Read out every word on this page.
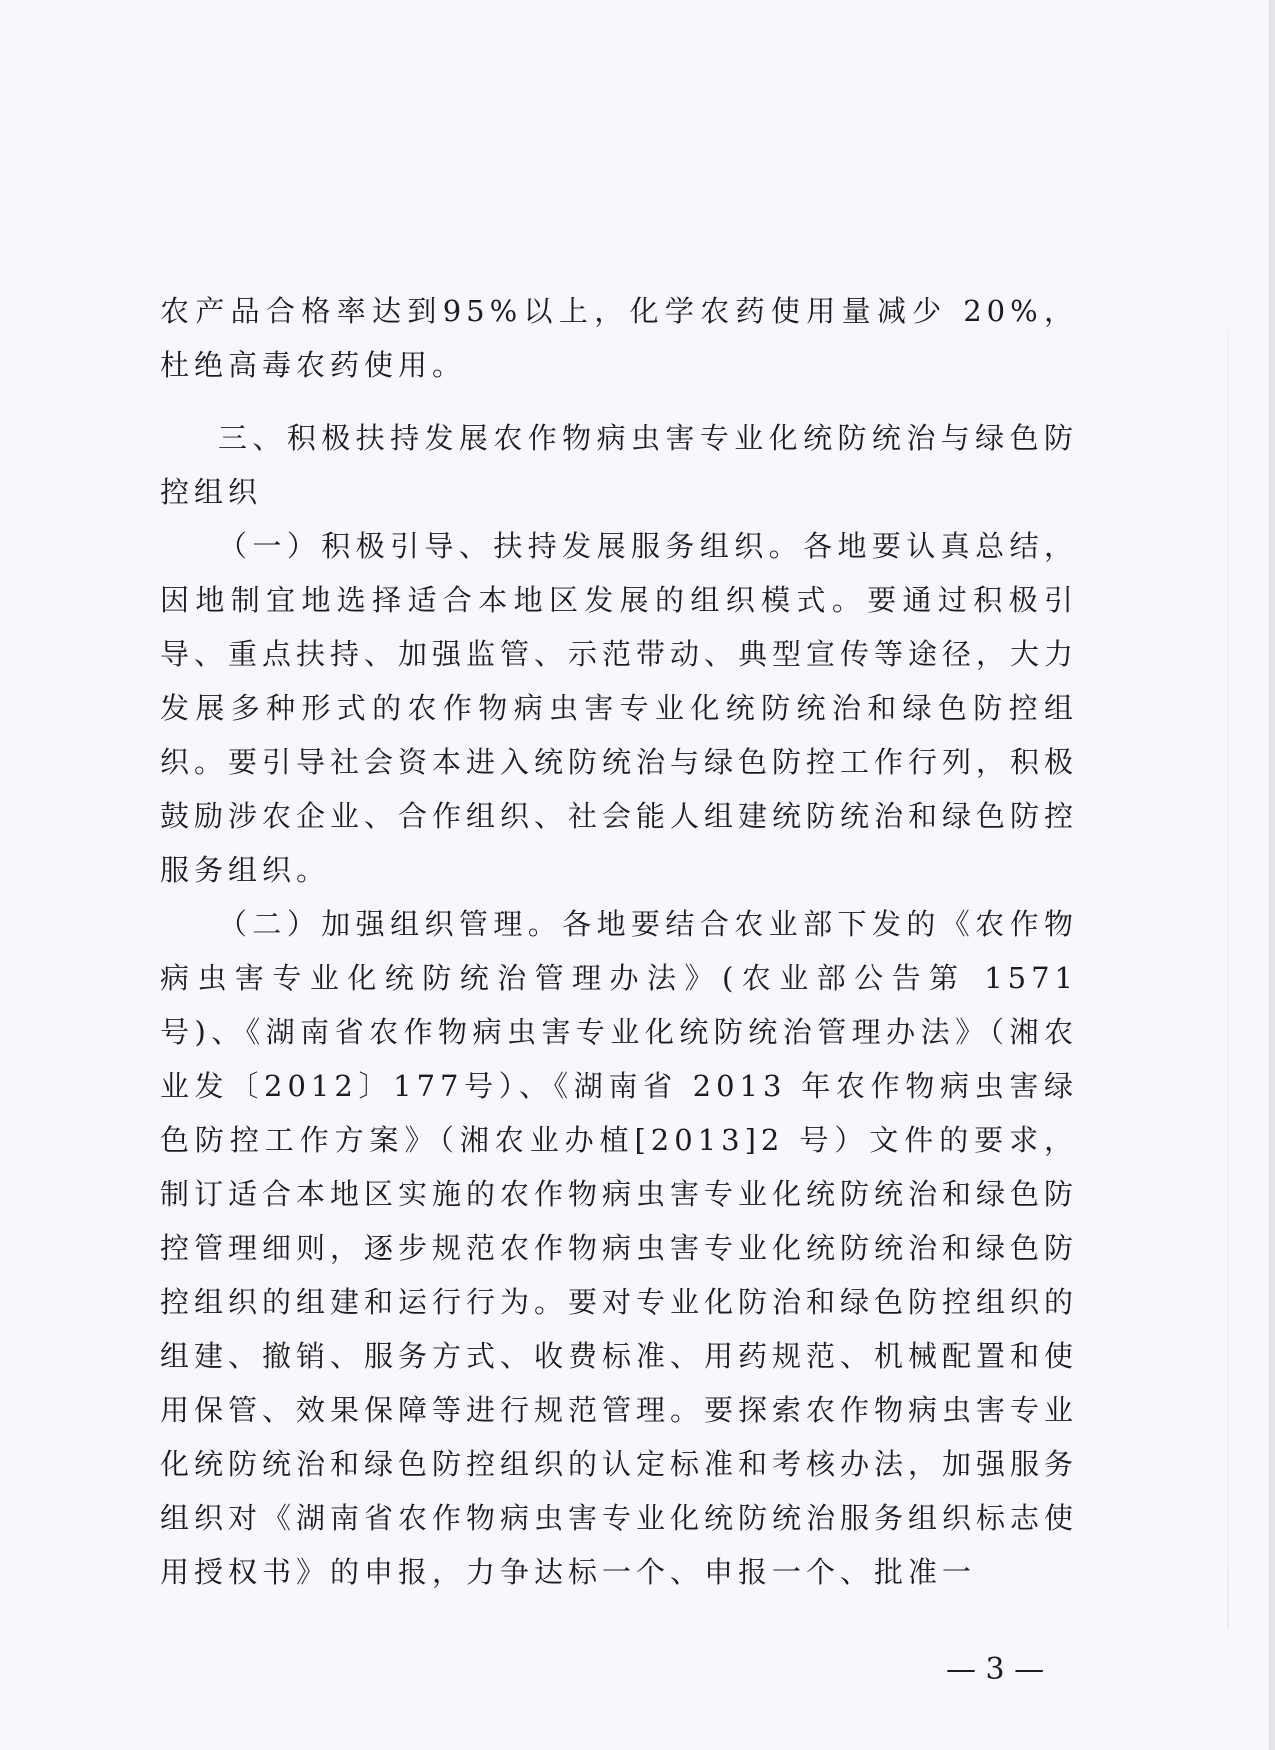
农产品合格率达到95%以上，化学农药使用量减少 20%，杜绝高毒农药使用。

三、积极扶持发展农作物病虫害专业化统防统治与绿色防控组织

（一）积极引导、扶持发展服务组织。各地要认真总结，因地制宜地选择适合本地区发展的组织模式。要通过积极引导、重点扶持、加强监管、示范带动、典型宣传等途径，大力发展多种形式的农作物病虫害专业化统防统治和绿色防控组织。要引导社会资本进入统防统治与绿色防控工作行列，积极鼓励涉农企业、合作组织、社会能人组建统防统治和绿色防控服务组织。

（二）加强组织管理。各地要结合农业部下发的《农作物病虫害专业化统防统治管理办法》(农业部公告第 1571 号)、《湖南省农作物病虫害专业化统防统治管理办法》（湘农业发〔2012〕177号）、《湖南省 2013 年农作物病虫害绿色防控工作方案》（湘农业办植[2013]2 号）文件的要求，制订适合本地区实施的农作物病虫害专业化统防统治和绿色防控管理细则，逐步规范农作物病虫害专业化统防统治和绿色防控组织的组建和运行行为。要对专业化防治和绿色防控组织的组建、撤销、服务方式、收费标准、用药规范、机械配置和使用保管、效果保障等进行规范管理。要探索农作物病虫害专业化统防统治和绿色防控组织的认定标准和考核办法，加强服务组织对《湖南省农作物病虫害专业化统防统治服务组织标志使用授权书》的申报，力争达标一个、申报一个、批准一

— 3 —
